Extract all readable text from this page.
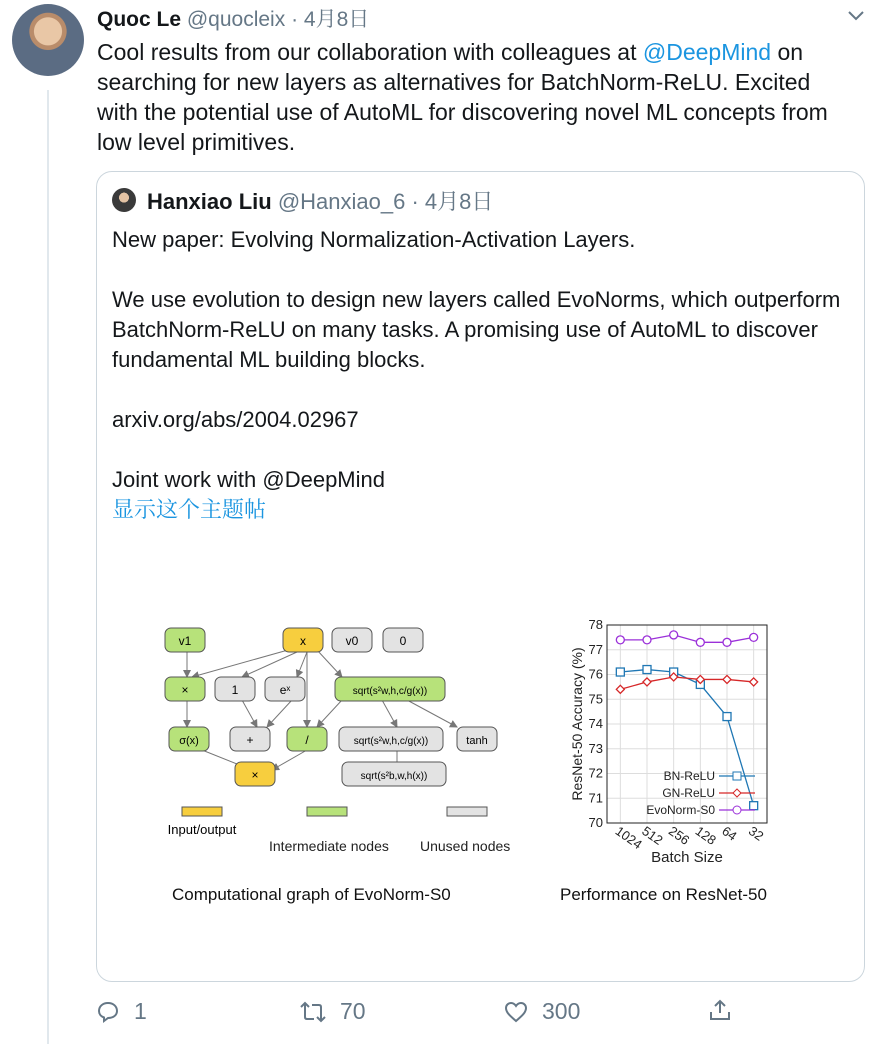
Quoc Le @quocleix · 4月8日
Cool results from our collaboration with colleagues at @DeepMind on searching for new layers as alternatives for BatchNorm-ReLU. Excited with the potential use of AutoML for discovering novel ML concepts from low level primitives.
Hanxiao Liu @Hanxiao_6 · 4月8日

New paper: Evolving Normalization-Activation Layers.

We use evolution to design new layers called EvoNorms, which outperform BatchNorm-ReLU on many tasks. A promising use of AutoML to discover fundamental ML building blocks.

arxiv.org/abs/2004.02967

Joint work with @DeepMind

显示这个主题帖

v1	x	v0	0
×	1	eˣ	sqrt(s²w,h,c/g(x))
σ(x)	+	/	sqrt(s²w,h,c/g(x))	tanh
×	sqrt(s²b,w,h(x))
Input/output
Intermediate nodes Unused nodes
Computational graph of EvoNorm-S0	Performance on ResNet-50
70
71
72
73
74
75
76
77
78
1024
512 256 128 64 32
Batch Size
ResNet-50 Accuracy (%)	BN-ReLU
GN-ReLU
EvoNorm-S0
1	70	300
